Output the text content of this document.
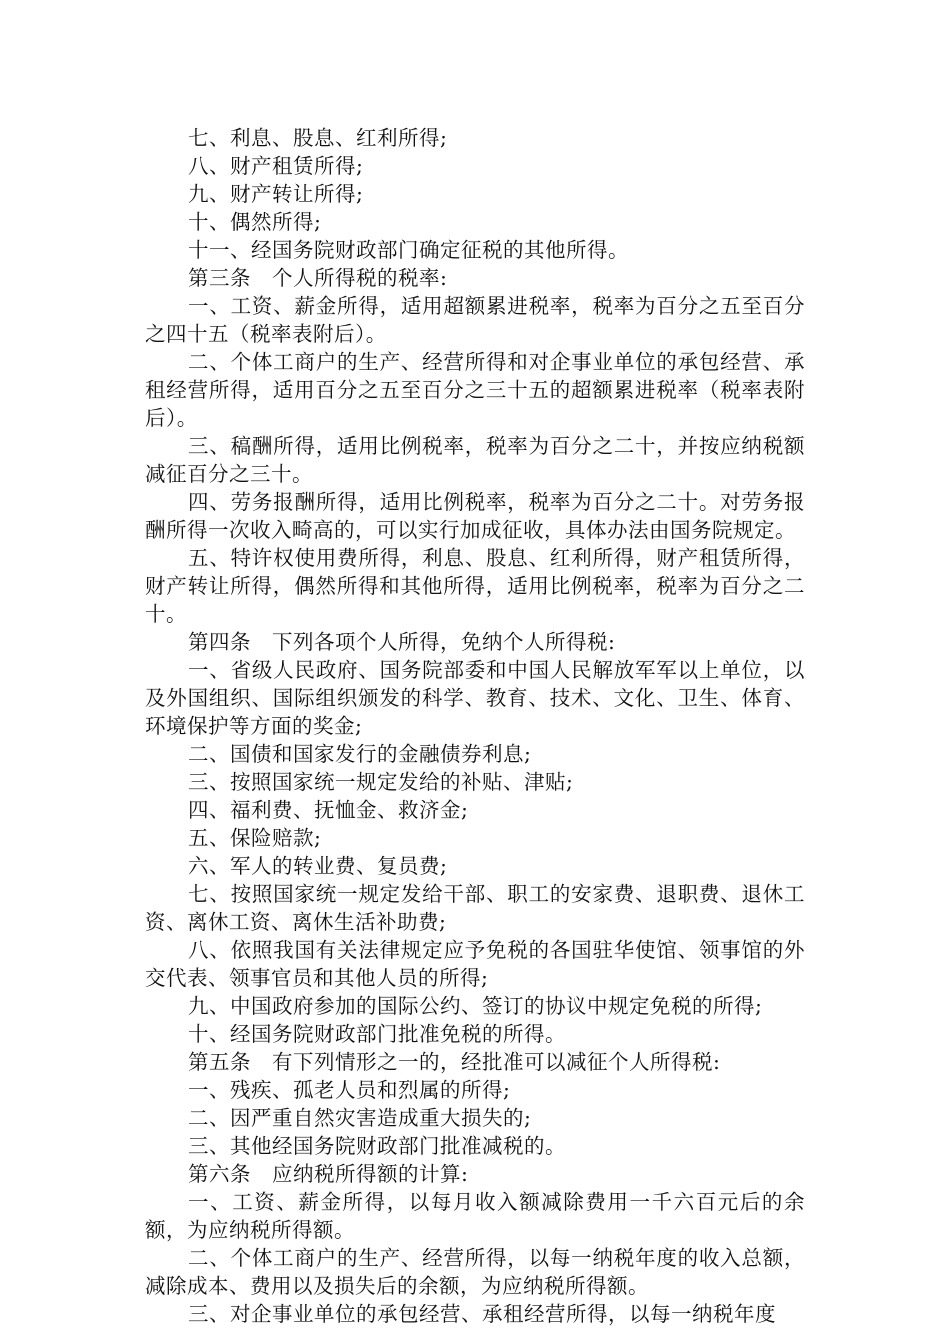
七、利息、股息、红利所得;

八、财产租赁所得;

九、财产转让所得;

十、偶然所得;

十一、经国务院财政部门确定征税的其他所得。

第三条　个人所得税的税率:

一、工资、薪金所得，适用超额累进税率，税率为百分之五至百分之四十五（税率表附后）。

二、个体工商户的生产、经营所得和对企事业单位的承包经营、承租经营所得，适用百分之五至百分之三十五的超额累进税率（税率表附后）。

三、稿酬所得，适用比例税率，税率为百分之二十，并按应纳税额减征百分之三十。

四、劳务报酬所得，适用比例税率，税率为百分之二十。对劳务报酬所得一次收入畸高的，可以实行加成征收，具体办法由国务院规定。

五、特许权使用费所得，利息、股息、红利所得，财产租赁所得，财产转让所得，偶然所得和其他所得，适用比例税率，税率为百分之二十。

第四条　下列各项个人所得，免纳个人所得税:

一、省级人民政府、国务院部委和中国人民解放军军以上单位，以及外国组织、国际组织颁发的科学、教育、技术、文化、卫生、体育、环境保护等方面的奖金;

二、国债和国家发行的金融债券利息;

三、按照国家统一规定发给的补贴、津贴;

四、福利费、抚恤金、救济金;

五、保险赔款;

六、军人的转业费、复员费;

七、按照国家统一规定发给干部、职工的安家费、退职费、退休工资、离休工资、离休生活补助费;

八、依照我国有关法律规定应予免税的各国驻华使馆、领事馆的外交代表、领事官员和其他人员的所得;

九、中国政府参加的国际公约、签订的协议中规定免税的所得;

十、经国务院财政部门批准免税的所得。

第五条　有下列情形之一的，经批准可以减征个人所得税:

一、残疾、孤老人员和烈属的所得;

二、因严重自然灾害造成重大损失的;

三、其他经国务院财政部门批准减税的。

第六条　应纳税所得额的计算:

一、工资、薪金所得，以每月收入额减除费用一千六百元后的余额，为应纳税所得额。

二、个体工商户的生产、经营所得，以每一纳税年度的收入总额，减除成本、费用以及损失后的余额，为应纳税所得额。

三、对企事业单位的承包经营、承租经营所得，以每一纳税年度
